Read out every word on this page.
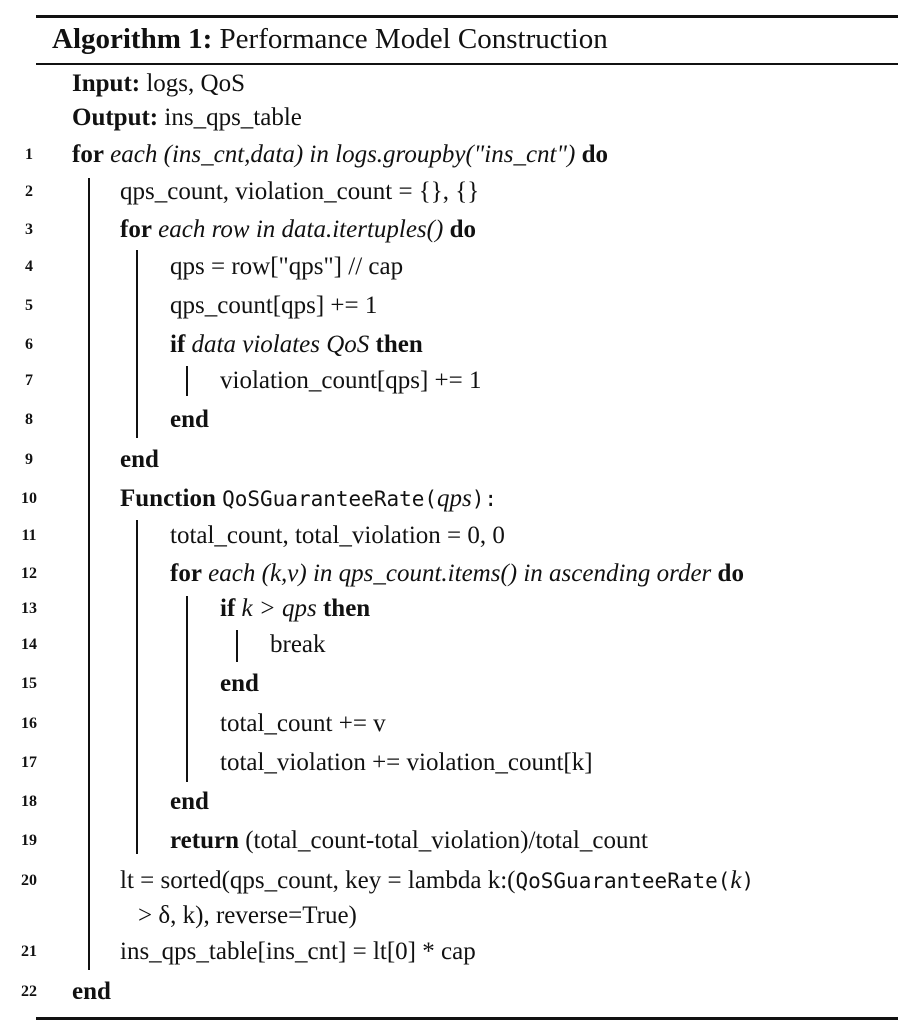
Algorithm 1: Performance Model Construction
Input: logs, QoS
Output: ins_qps_table
1	for each (ins_cnt,data) in logs.groupby("ins_cnt") do
2	qps_count, violation_count = {}, {}
3	for each row in data.itertuples() do
4	qps = row["qps"] // cap
5	qps_count[qps] += 1
6	if data violates QoS then
7	violation_count[qps] += 1
8	end
9	end
10	Function QoSGuaranteeRate(qps):
11	total_count, total_violation = 0, 0
12	for each (k,v) in qps_count.items() in ascending order do
13	if k > qps then
14	break
15	end
16	total_count += v
17	total_violation += violation_count[k]
18	end
19	return (total_count-total_violation)/total_count
20	lt = sorted(qps_count, key = lambda k:(QoSGuaranteeRate(k)
> δ, k), reverse=True)
21	ins_qps_table[ins_cnt] = lt[0] * cap
22	end
